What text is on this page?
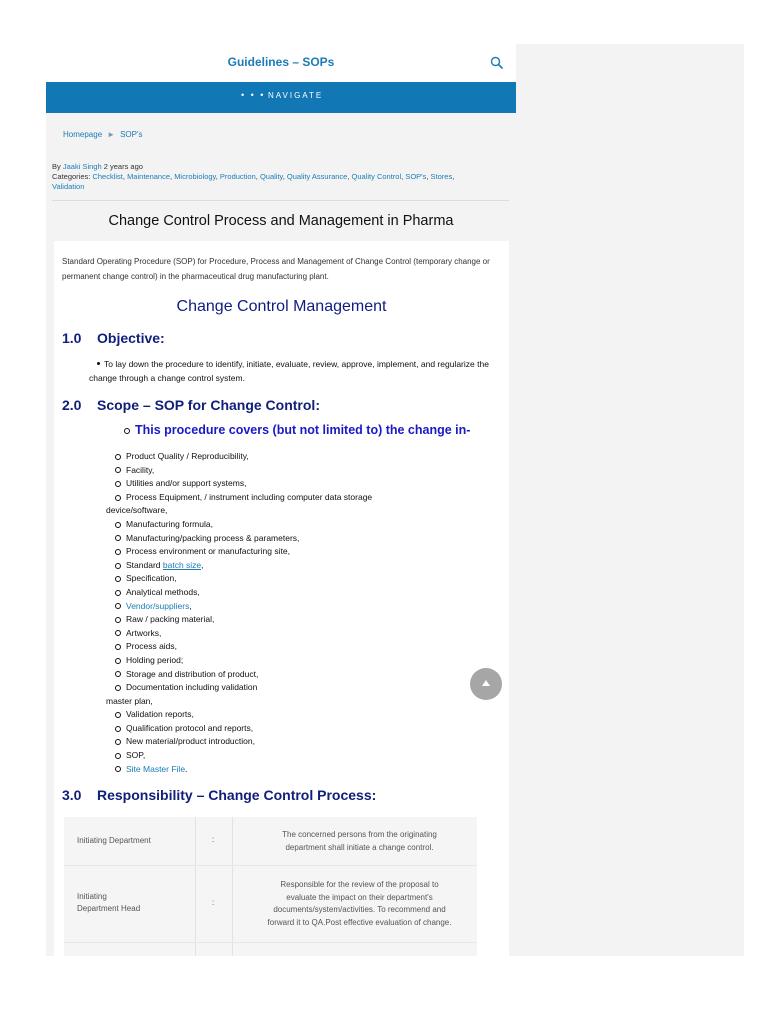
Guidelines – SOPs
• • • NAVIGATE
Homepage ► SOP's
By Jaaki Singh 2 years ago
Categories: Checklist, Maintenance, Microbiology, Production, Quality, Quality Assurance, Quality Control, SOP's, Stores,
Validation
Change Control Process and Management in Pharma
Standard Operating Procedure (SOP) for Procedure, Process and Management of Change Control (temporary change or permanent change control) in the pharmaceutical drug manufacturing plant.
Change Control Management
1.0 Objective:
To lay down the procedure to identify, initiate, evaluate, review, approve, implement, and regularize the change through a change control system.
2.0 Scope – SOP for Change Control:
This procedure covers (but not limited to) the change in-
Product Quality / Reproducibility,
Facility,
Utilities and/or support systems,
Process Equipment, / instrument including computer data storage
device/software,
Manufacturing formula,
Manufacturing/packing process & parameters,
Process environment or manufacturing site,
Standard batch size,
Specification,
Analytical methods,
Vendor/suppliers,
Raw / packing material,
Artworks,
Process aids,
Holding period;
Storage and distribution of product,
Documentation including validation
master plan,
Validation reports,
Qualification protocol and reports,
New material/product introduction,
SOP,
Site Master File.
3.0 Responsibility – Change Control Process:
Initiating Department	:
The concerned persons from the originating
department shall initiate a change control.
Initiating
Department Head
:
Responsible for the review of the proposal to
evaluate the impact on their department's
documents/system/activities. To recommend and
forward it to QA.Post effective evaluation of change.
